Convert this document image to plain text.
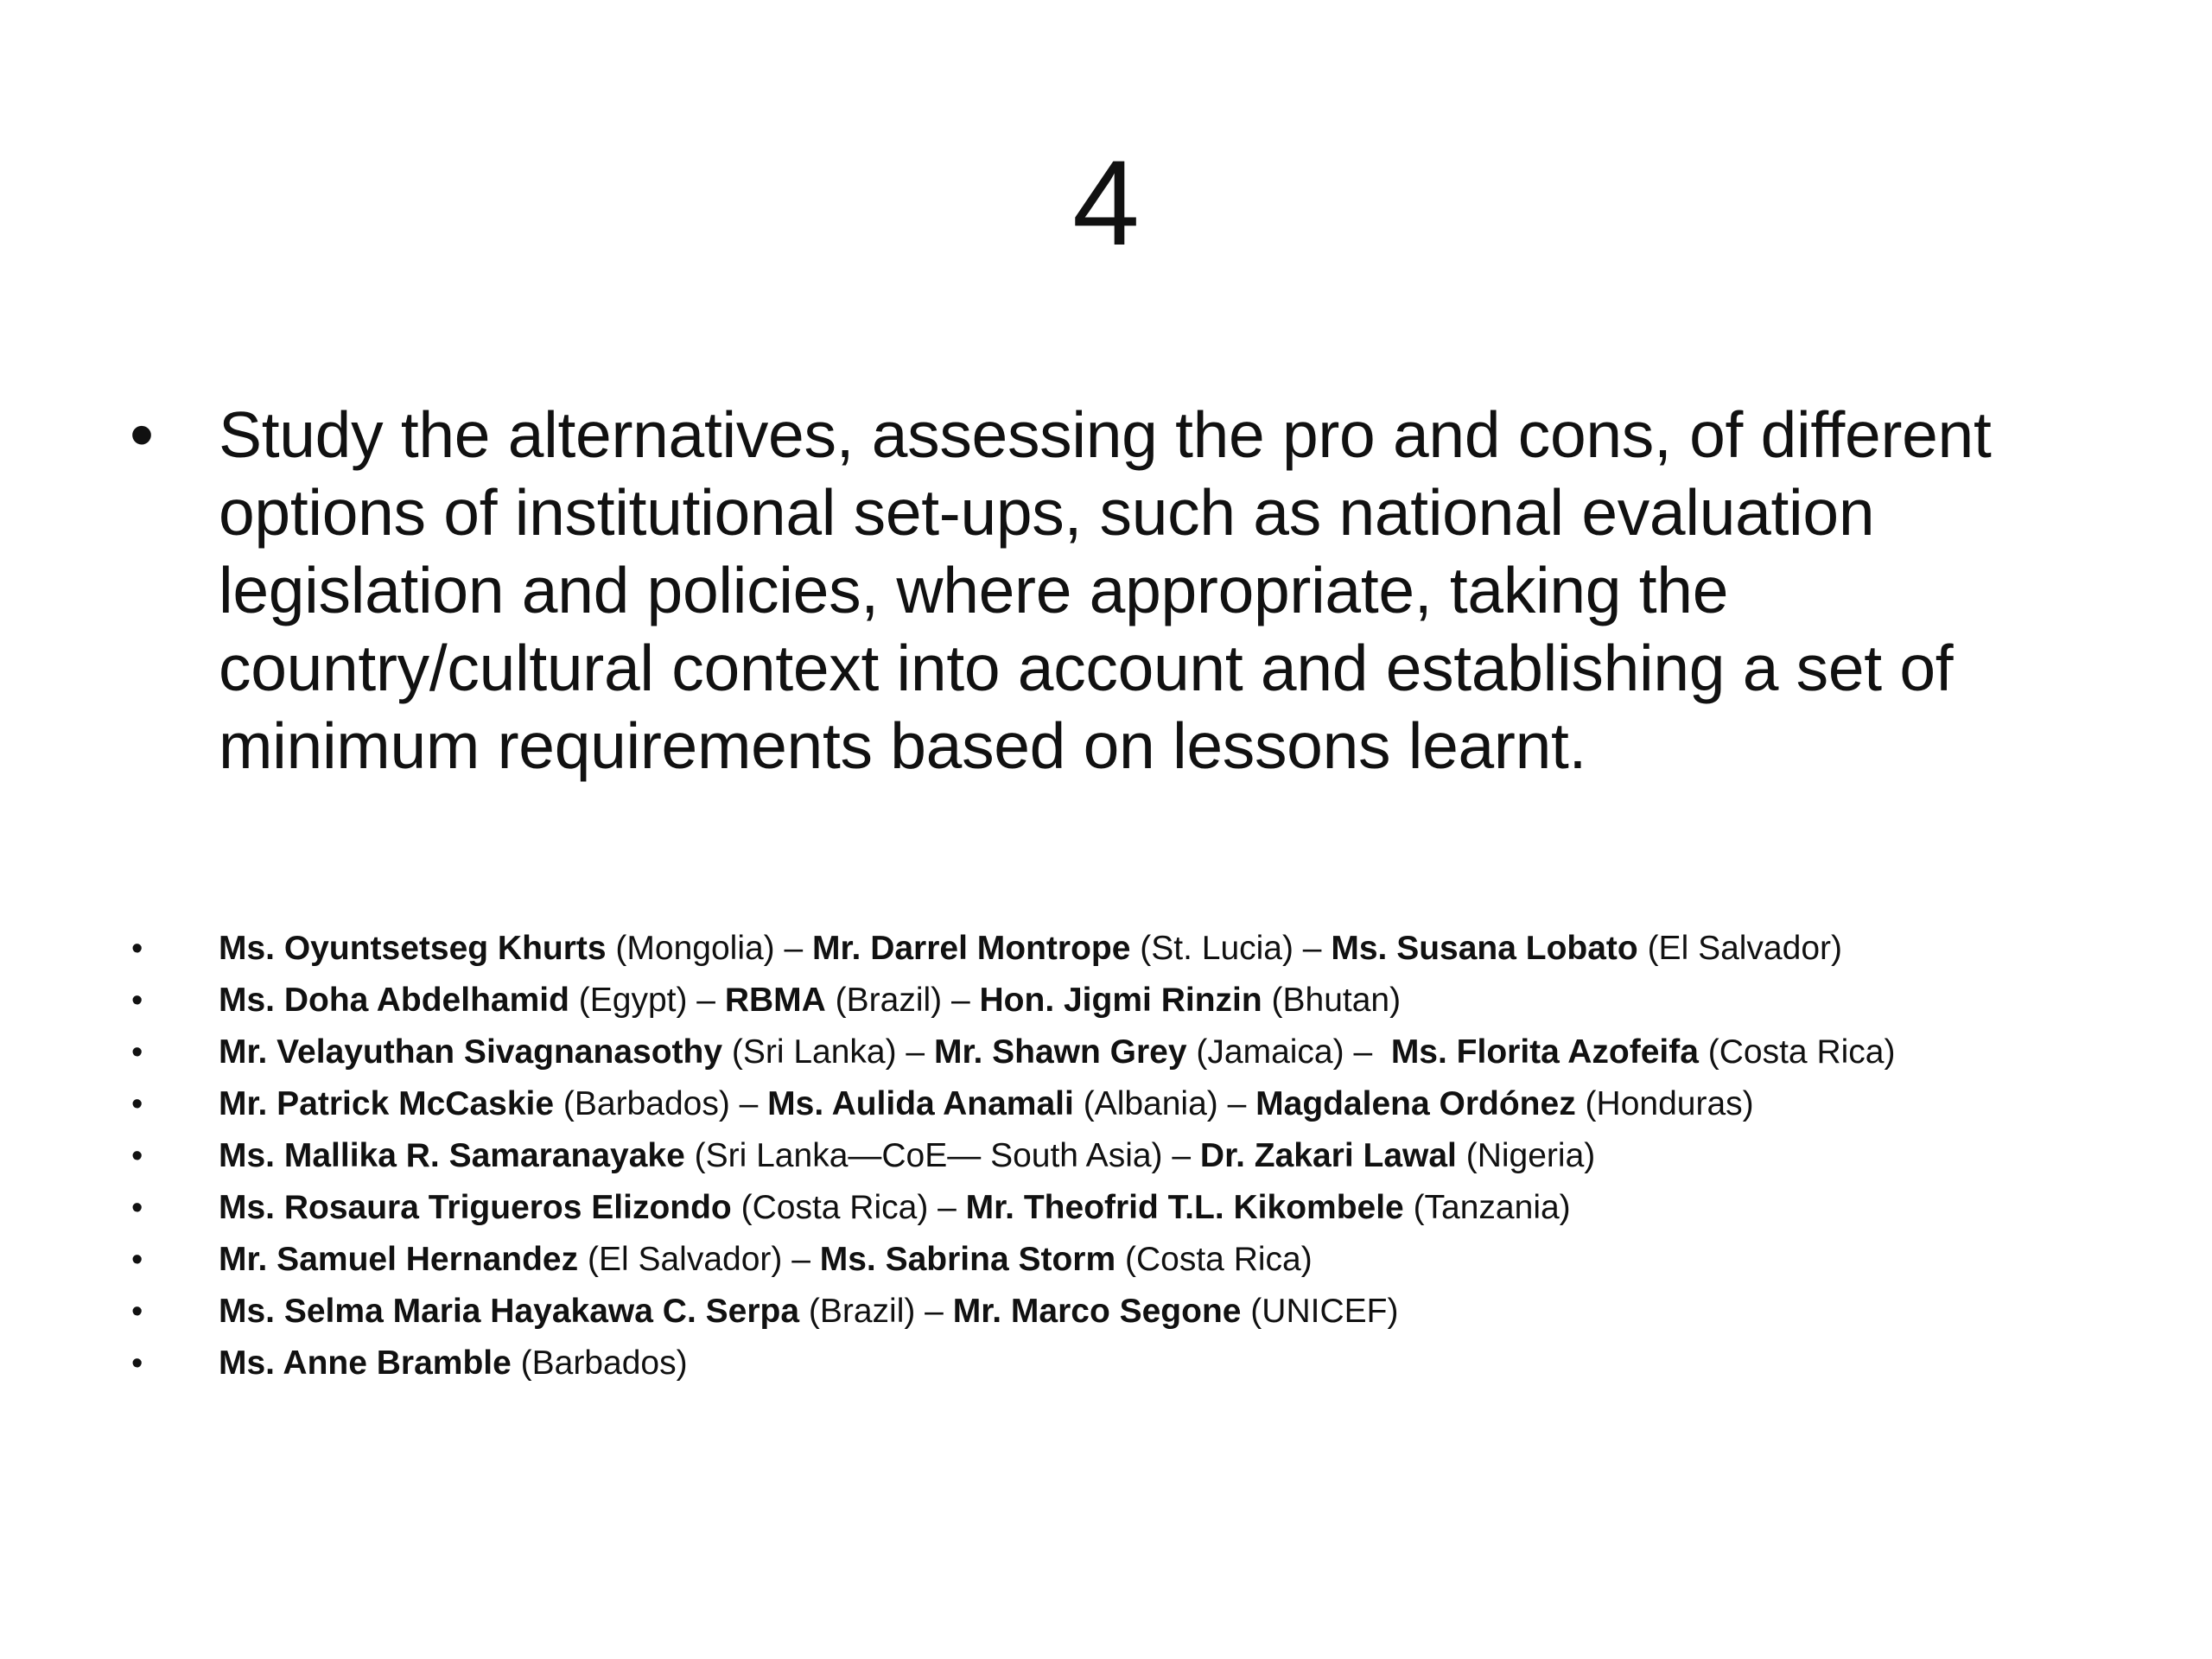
4
• Study the alternatives, assessing the pro and cons, of different options of institutional set-ups, such as national evaluation legislation and policies, where appropriate, taking the country/cultural context into account and establishing a set of minimum requirements based on lessons learnt.
•	Ms. Oyuntsetseg Khurts (Mongolia) – Mr. Darrel Montrope (St. Lucia) – Ms. Susana Lobato (El Salvador)
•	Ms. Doha Abdelhamid (Egypt) – RBMA (Brazil) – Hon. Jigmi Rinzin (Bhutan)
•	Mr. Velayuthan Sivagnanasothy (Sri Lanka) – Mr. Shawn Grey (Jamaica) –  Ms. Florita Azofeifa (Costa Rica)
•	Mr. Patrick McCaskie (Barbados) – Ms. Aulida Anamali (Albania) – Magdalena Ordónez (Honduras)
•	Ms. Mallika R. Samaranayake (Sri Lanka—CoE— South Asia) – Dr. Zakari Lawal (Nigeria)
•	Ms. Rosaura Trigueros Elizondo (Costa Rica) – Mr. Theofrid T.L. Kikombele (Tanzania)
•	Mr. Samuel Hernandez (El Salvador) – Ms. Sabrina Storm (Costa Rica)
•	Ms. Selma Maria Hayakawa C. Serpa (Brazil) – Mr. Marco Segone (UNICEF)
•	Ms. Anne Bramble (Barbados)
